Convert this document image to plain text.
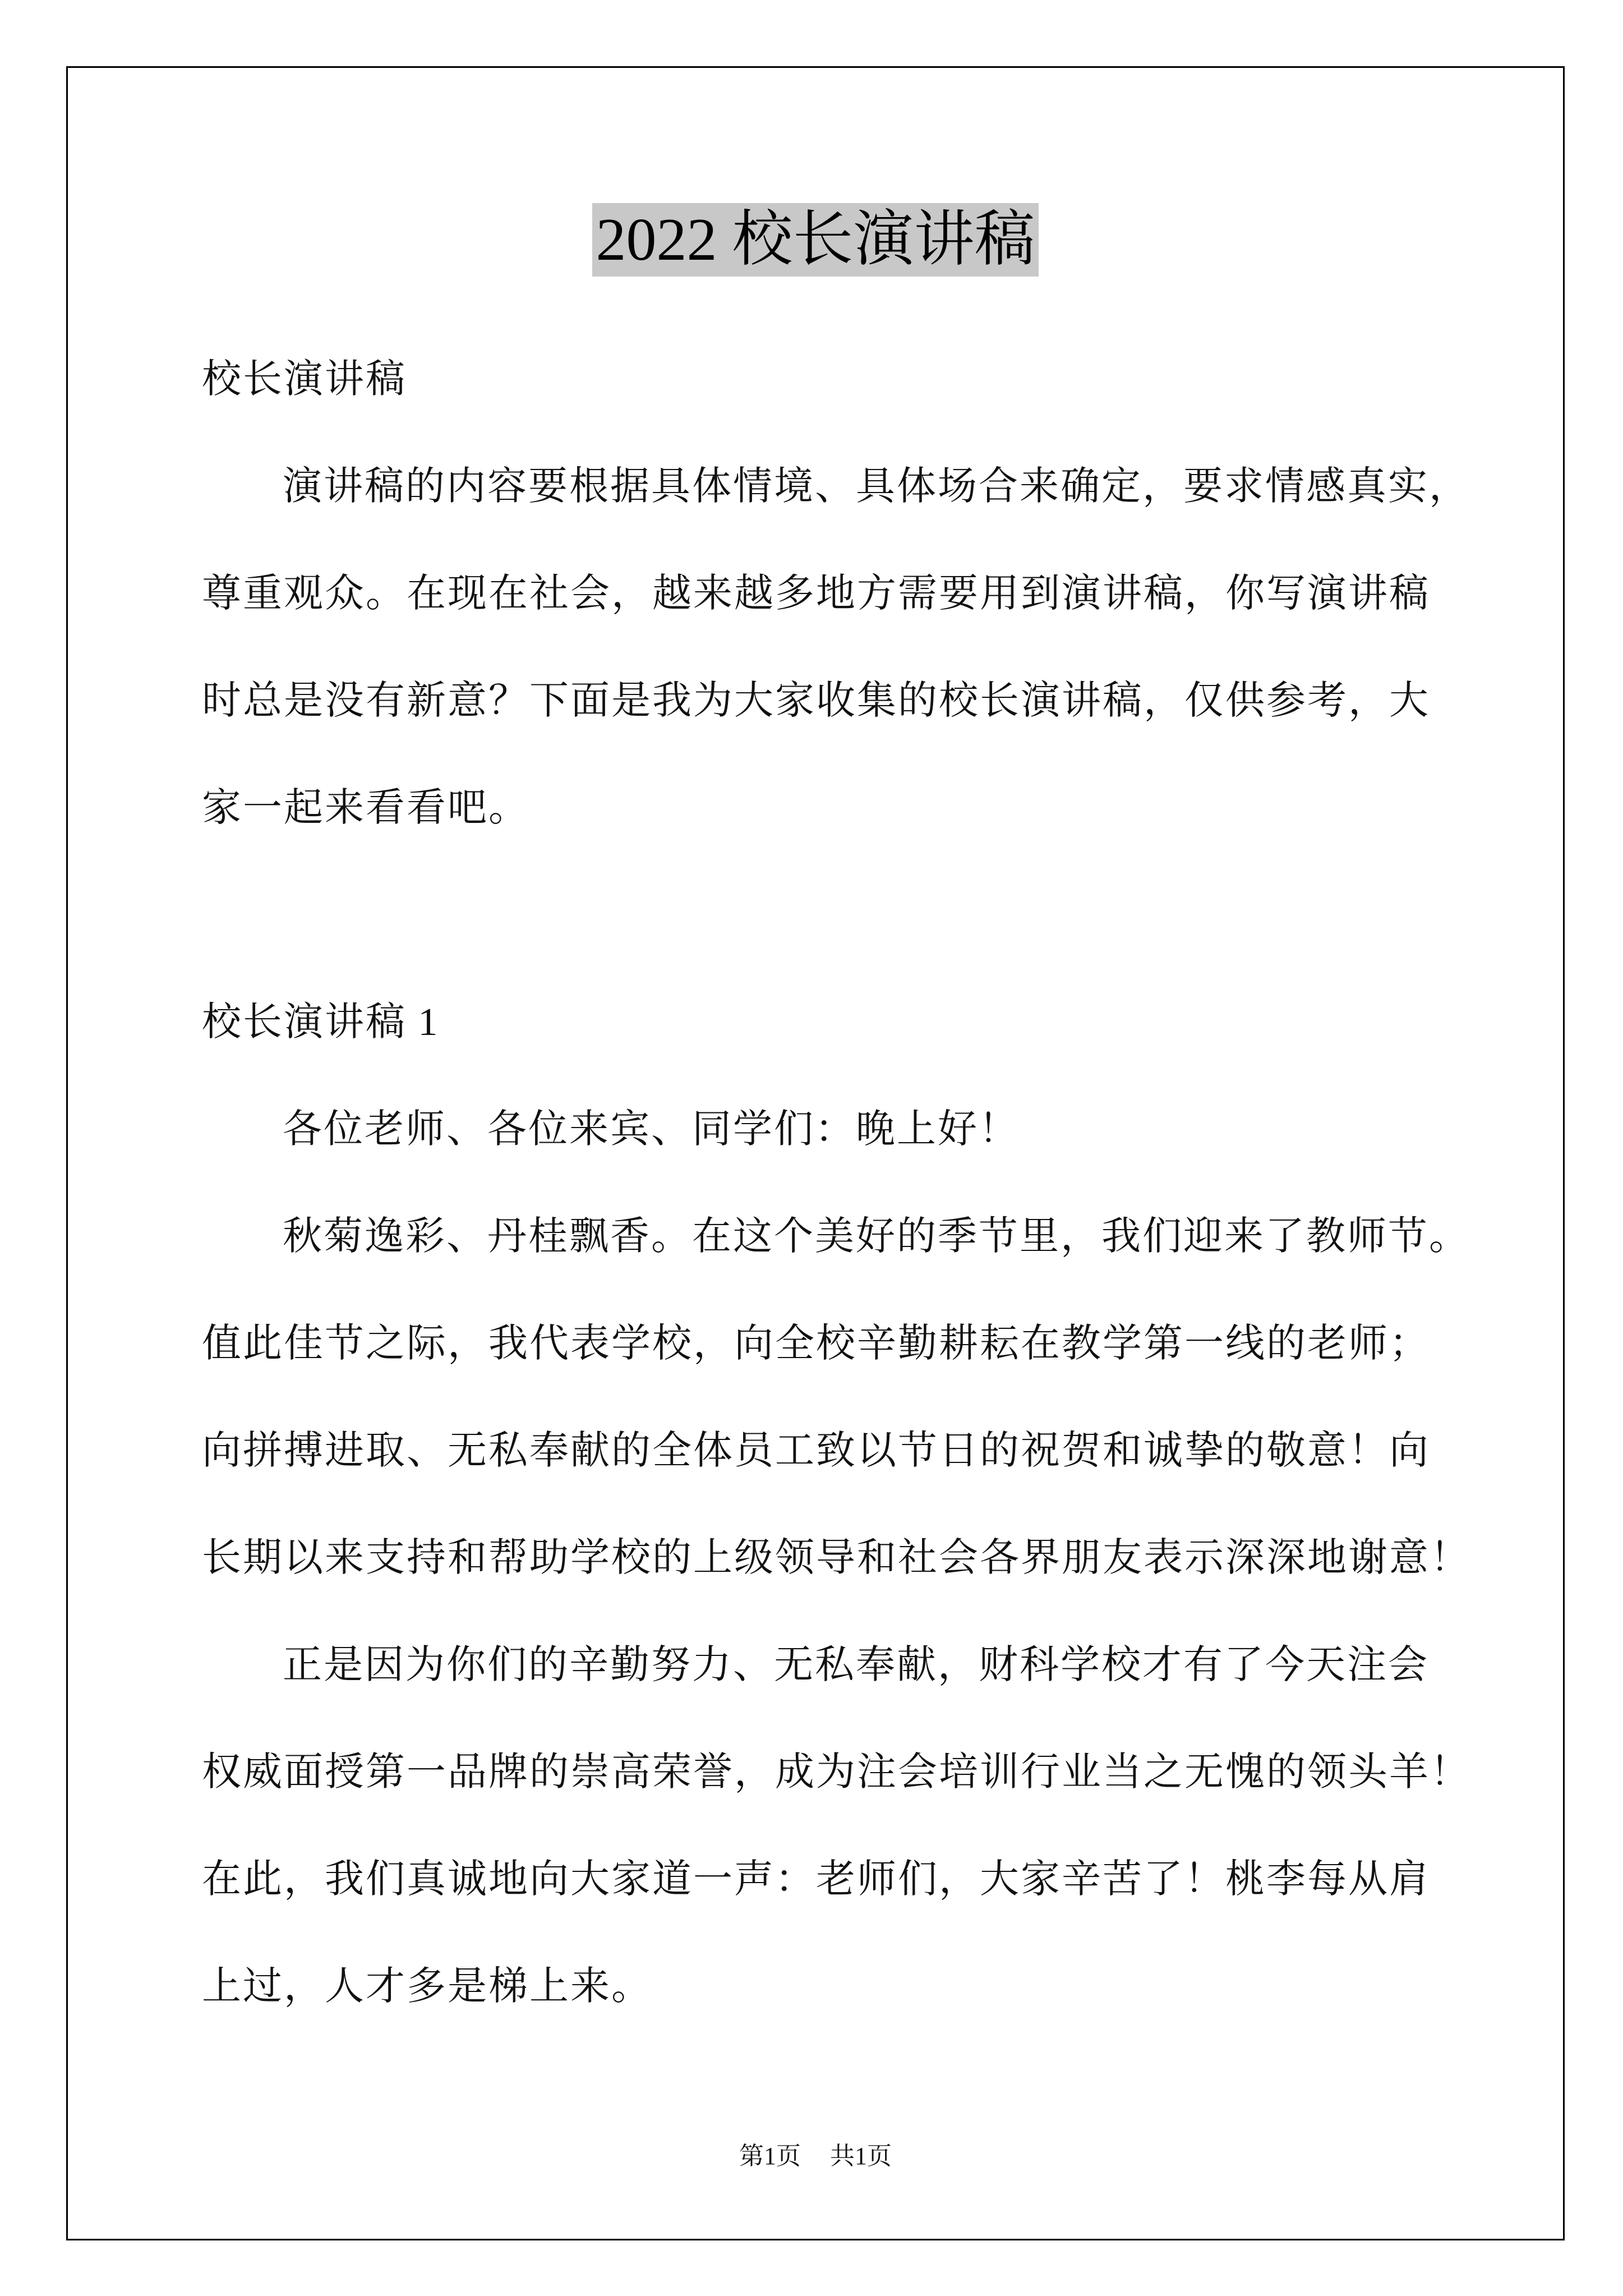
2022 校长演讲稿
校长演讲稿
演讲稿的内容要根据具体情境、具体场合来确定，要求情感真实，
尊重观众。在现在社会，越来越多地方需要用到演讲稿，你写演讲稿
时总是没有新意？下面是我为大家收集的校长演讲稿，仅供参考，大
家一起来看看吧。
校长演讲稿 1
各位老师、各位来宾、同学们：晚上好！
秋菊逸彩、丹桂飘香。在这个美好的季节里，我们迎来了教师节。
值此佳节之际，我代表学校，向全校辛勤耕耘在教学第一线的老师；
向拼搏进取、无私奉献的全体员工致以节日的祝贺和诚挚的敬意！向
长期以来支持和帮助学校的上级领导和社会各界朋友表示深深地谢意！
正是因为你们的辛勤努力、无私奉献，财科学校才有了今天注会
权威面授第一品牌的崇高荣誉，成为注会培训行业当之无愧的领头羊！
在此，我们真诚地向大家道一声：老师们，大家辛苦了！桃李每从肩
上过，人才多是梯上来。
第1页 共1页
